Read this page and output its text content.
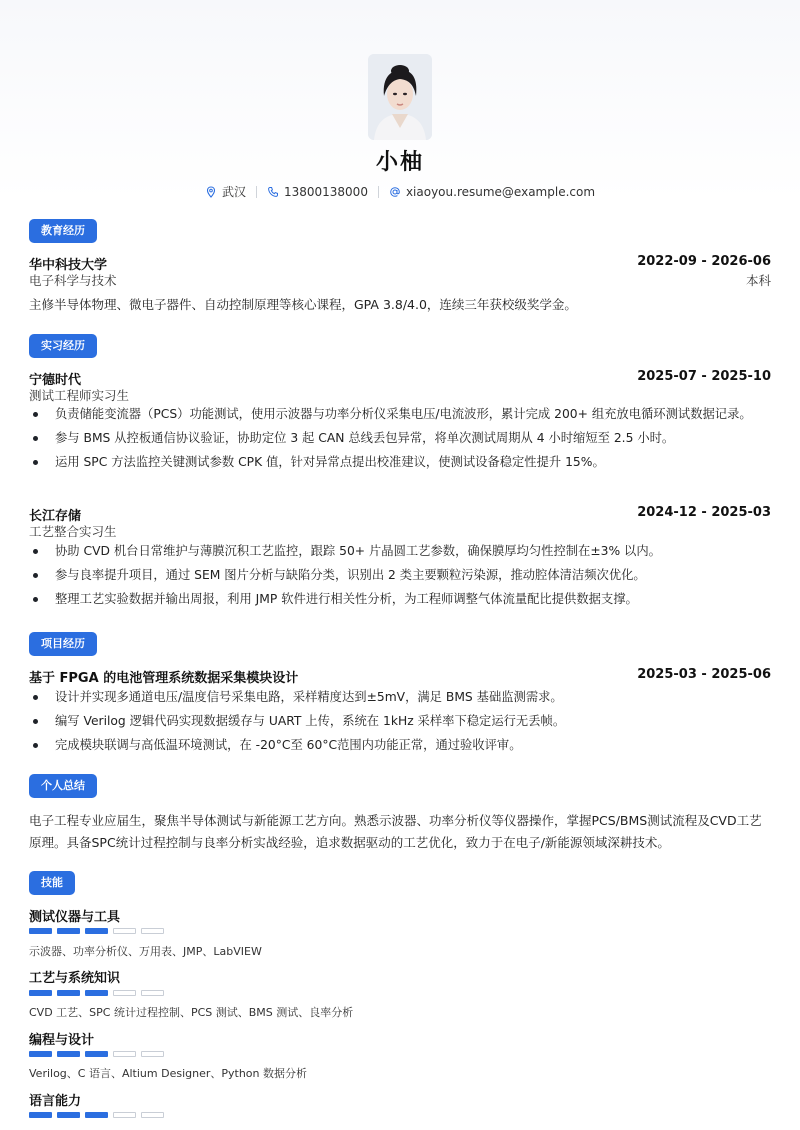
小柚
武汉	13800138000	xiaoyou.resume@example.com
教育经历
华中科技大学	2022-09 - 2026-06
电子科学与技术	本科
主修半导体物理、微电子器件、自动控制原理等核心课程，GPA 3.8/4.0，连续三年获校级奖学金。
实习经历
宁德时代	2025-07 - 2025-10
测试工程师实习生
负责储能变流器（PCS）功能测试，使用示波器与功率分析仪采集电压/电流波形，累计完成 200+ 组充放电循环测试数据记录。
参与 BMS 从控板通信协议验证，协助定位 3 起 CAN 总线丢包异常，将单次测试周期从 4 小时缩短至 2.5 小时。
运用 SPC 方法监控关键测试参数 CPK 值，针对异常点提出校准建议，使测试设备稳定性提升 15%。
长江存储	2024-12 - 2025-03
工艺整合实习生
协助 CVD 机台日常维护与薄膜沉积工艺监控，跟踪 50+ 片晶圆工艺参数，确保膜厚均匀性控制在±3% 以内。
参与良率提升项目，通过 SEM 图片分析与缺陷分类，识别出 2 类主要颗粒污染源，推动腔体清洁频次优化。
整理工艺实验数据并输出周报，利用 JMP 软件进行相关性分析，为工程师调整气体流量配比提供数据支撑。
项目经历
基于 FPGA 的电池管理系统数据采集模块设计	2025-03 - 2025-06
设计并实现多通道电压/温度信号采集电路，采样精度达到±5mV，满足 BMS 基础监测需求。
编写 Verilog 逻辑代码实现数据缓存与 UART 上传，系统在 1kHz 采样率下稳定运行无丢帧。
完成模块联调与高低温环境测试，在 -20°C至 60°C范围内功能正常，通过验收评审。
个人总结
电子工程专业应届生，聚焦半导体测试与新能源工艺方向。熟悉示波器、功率分析仪等仪器操作，掌握PCS/BMS测试流程及CVD工艺原理。具备SPC统计过程控制与良率分析实战经验，追求数据驱动的工艺优化，致力于在电子/新能源领域深耕技术。
技能
测试仪器与工具
示波器、功率分析仪、万用表、JMP、LabVIEW
工艺与系统知识
CVD 工艺、SPC 统计过程控制、PCS 测试、BMS 测试、良率分析
编程与设计
Verilog、C 语言、Altium Designer、Python 数据分析
语言能力
